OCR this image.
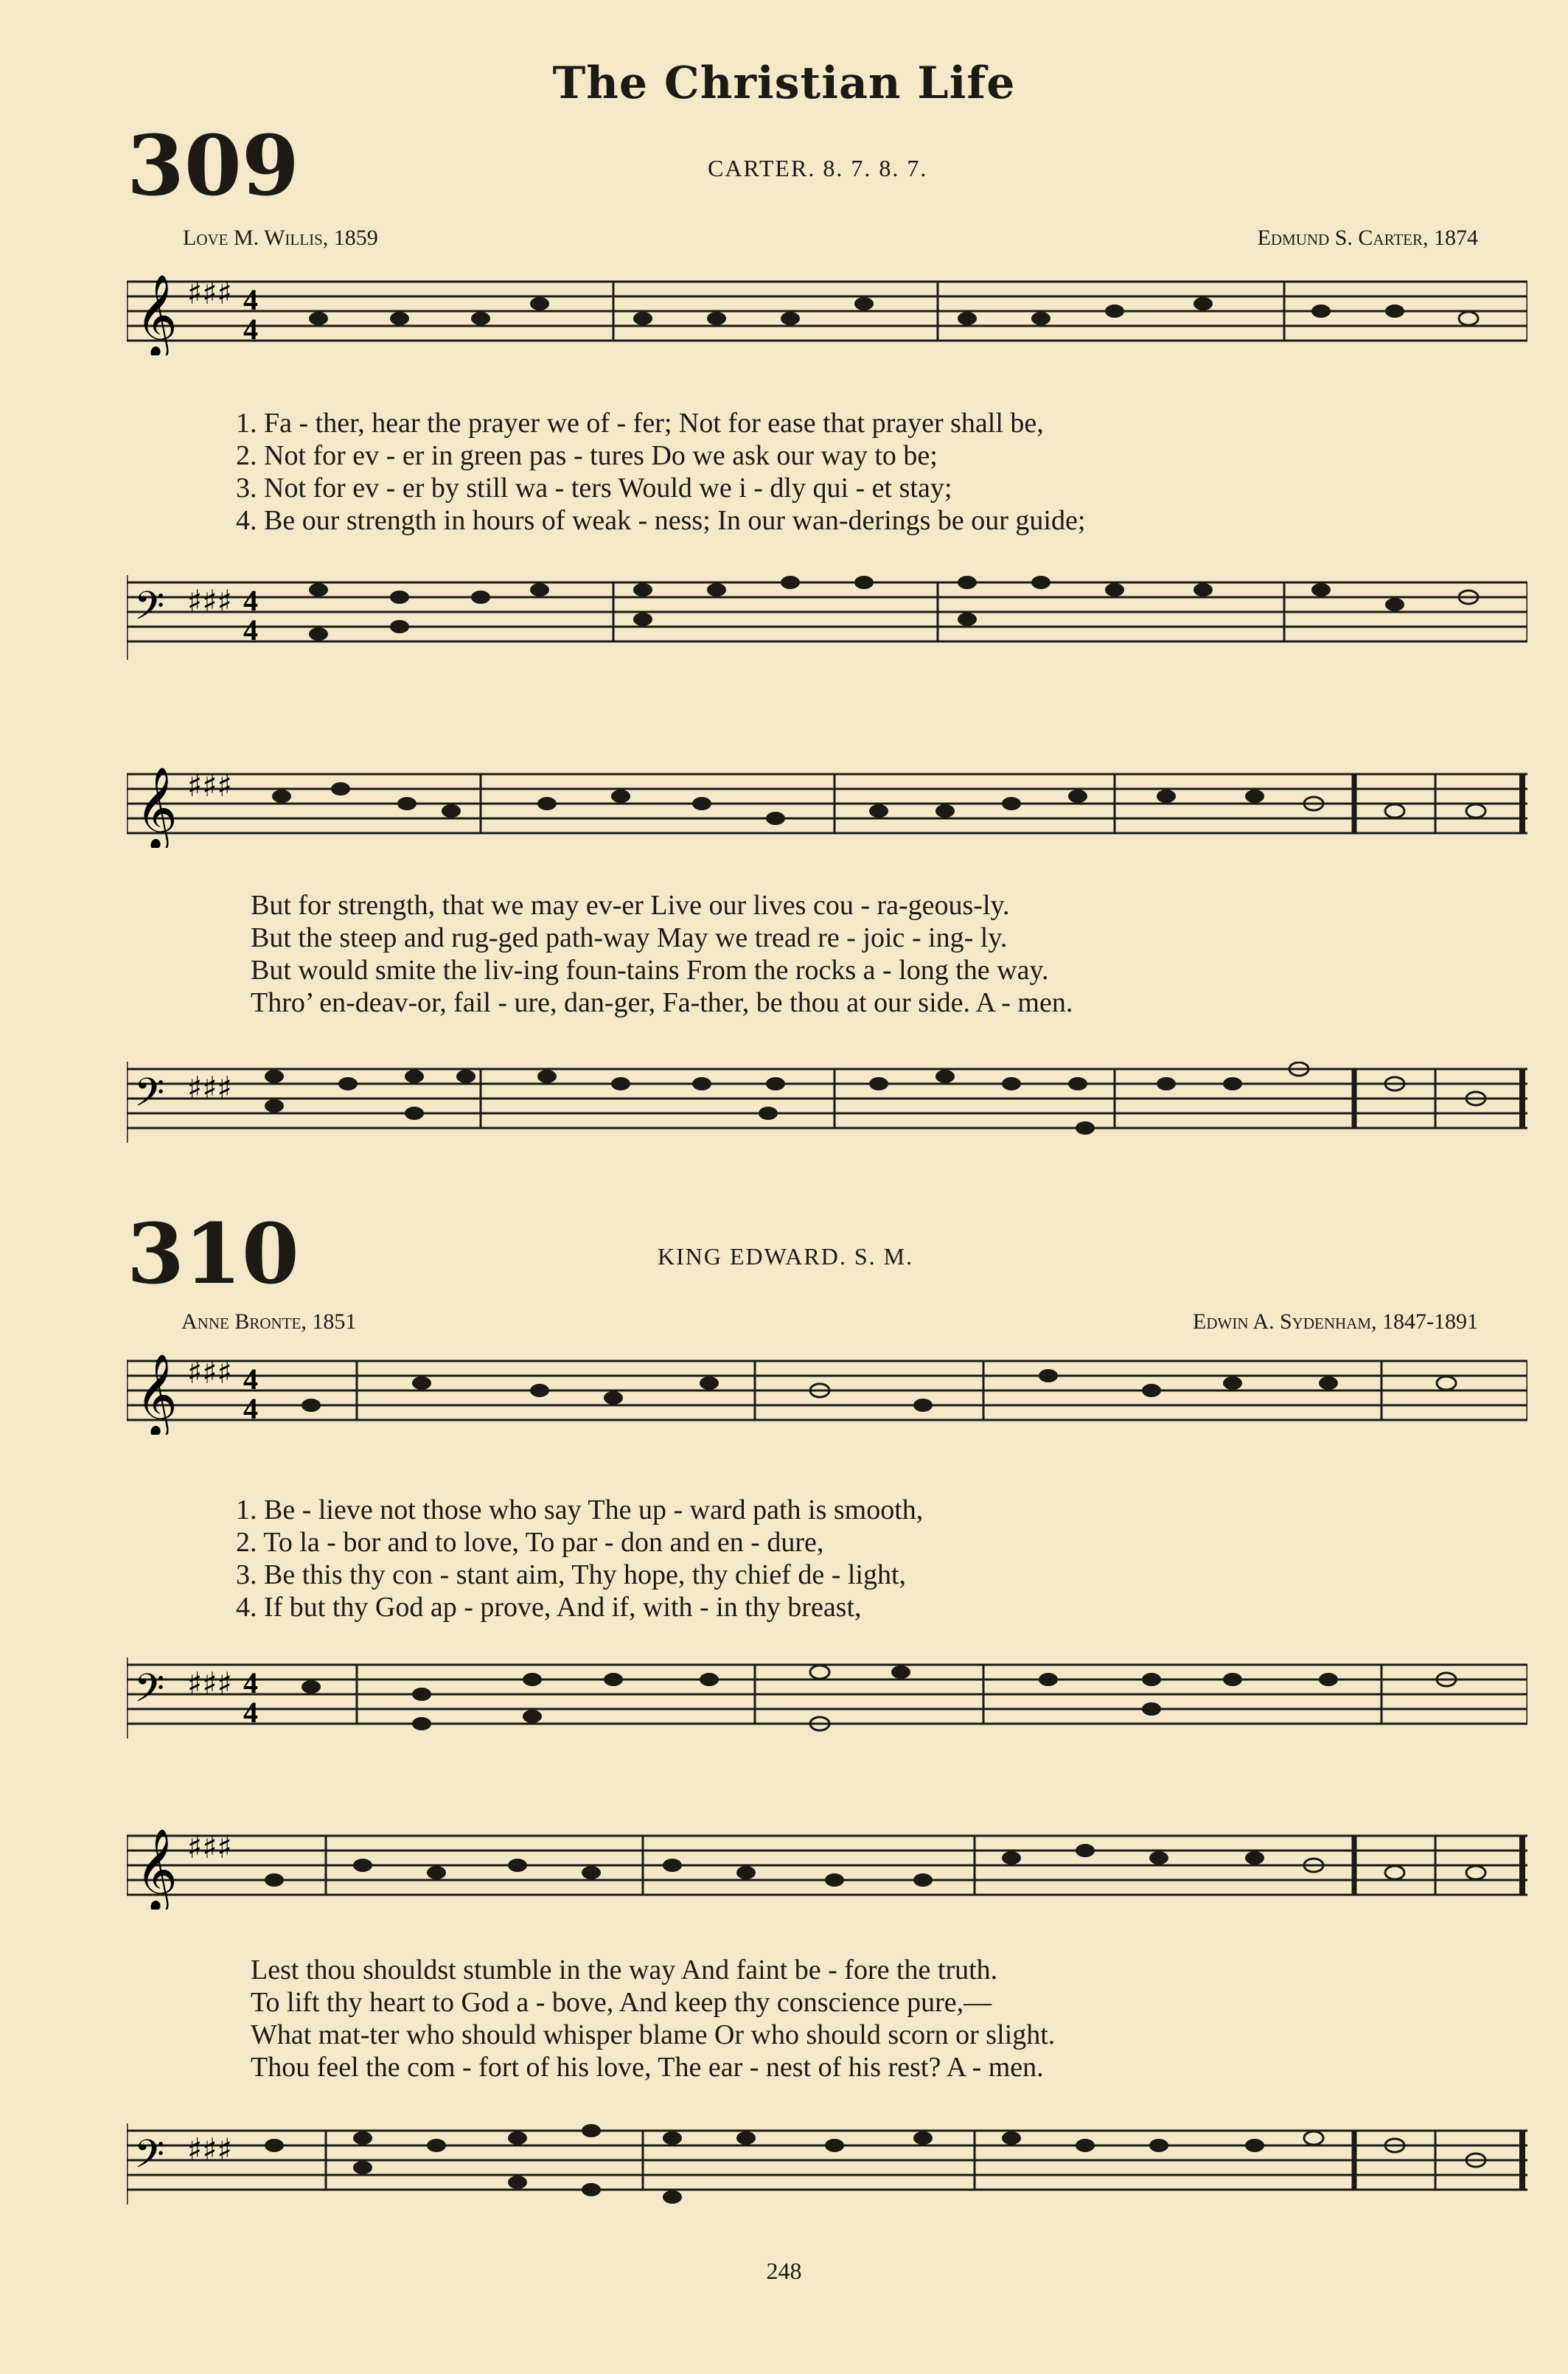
The Christian Life
309	CARTER. 8. 7. 8. 7.
Love M. Willis, 1859	Edmund S. Carter, 1874
𝄞 ♯♯♯ 4
4
1. Fa - ther, hear the prayer we of - fer; Not for ease that prayer shall be,
2. Not for ev - er in green pas - tures Do we ask our way to be;
3. Not for ev - er by still wa - ters Would we i - dly qui - et stay;
4. Be our strength in hours of weak - ness; In our wan-derings be our guide;
𝄢 ♯♯♯ 4
4
𝄞 ♯♯♯
But for strength, that we may ev-er Live our lives cou - ra-geous-ly.
But the steep and rug-ged path-way May we tread re - joic - ing- ly.
But would smite the liv-ing foun-tains From the rocks a - long the way.
Thro’ en-deav-or, fail - ure, dan-ger, Fa-ther, be thou at our side. A - men.
𝄢 ♯♯♯
310	KING EDWARD. S. M.
Anne Bronte, 1851	Edwin A. Sydenham, 1847-1891
𝄞 ♯♯♯ 4
4
1. Be - lieve not those who say The up - ward path is smooth,
2. To la - bor and to love, To par - don and en - dure,
3. Be this thy con - stant aim, Thy hope, thy chief de - light,
4. If but thy God ap - prove, And if, with - in thy breast,
𝄢 ♯♯♯ 4
4
𝄞 ♯♯♯
Lest thou shouldst stumble in the way And faint be - fore the truth.
To lift thy heart to God a - bove, And keep thy conscience pure,—
What mat-ter who should whisper blame Or who should scorn or slight.
Thou feel the com - fort of his love, The ear - nest of his rest? A - men.
𝄢 ♯♯♯
248
